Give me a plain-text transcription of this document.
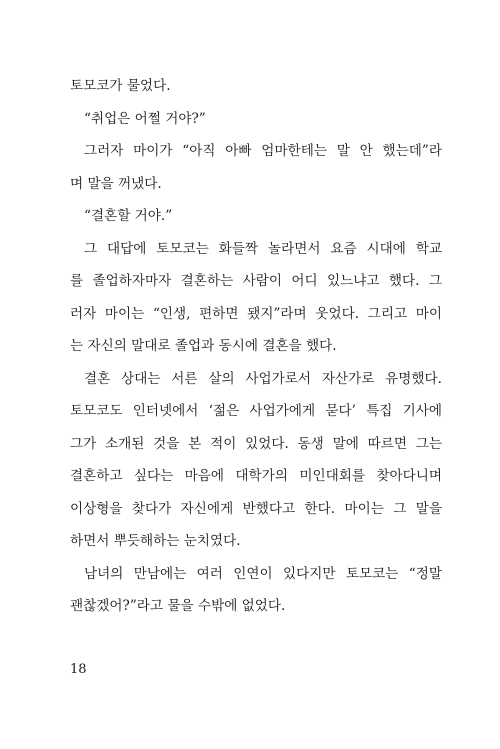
토모코가 물었다.
“취업은 어쩔 거야?”
그러자 마이가 “아직 아빠 엄마한테는 말 안 했는데”라
며 말을 꺼냈다.
“결혼할 거야.”
그 대답에 토모코는 화들짝 놀라면서 요즘 시대에 학교
를 졸업하자마자 결혼하는 사람이 어디 있느냐고 했다. 그
러자 마이는 “인생, 편하면 됐지”라며 웃었다. 그리고 마이
는 자신의 말대로 졸업과 동시에 결혼을 했다.
결혼 상대는 서른 살의 사업가로서 자산가로 유명했다.
토모코도 인터넷에서 ‘젊은 사업가에게 묻다’ 특집 기사에
그가 소개된 것을 본 적이 있었다. 동생 말에 따르면 그는
결혼하고 싶다는 마음에 대학가의 미인대회를 찾아다니며
이상형을 찾다가 자신에게 반했다고 한다. 마이는 그 말을
하면서 뿌듯해하는 눈치였다.
남녀의 만남에는 여러 인연이 있다지만 토모코는 “정말
괜찮겠어?”라고 물을 수밖에 없었다.
18
